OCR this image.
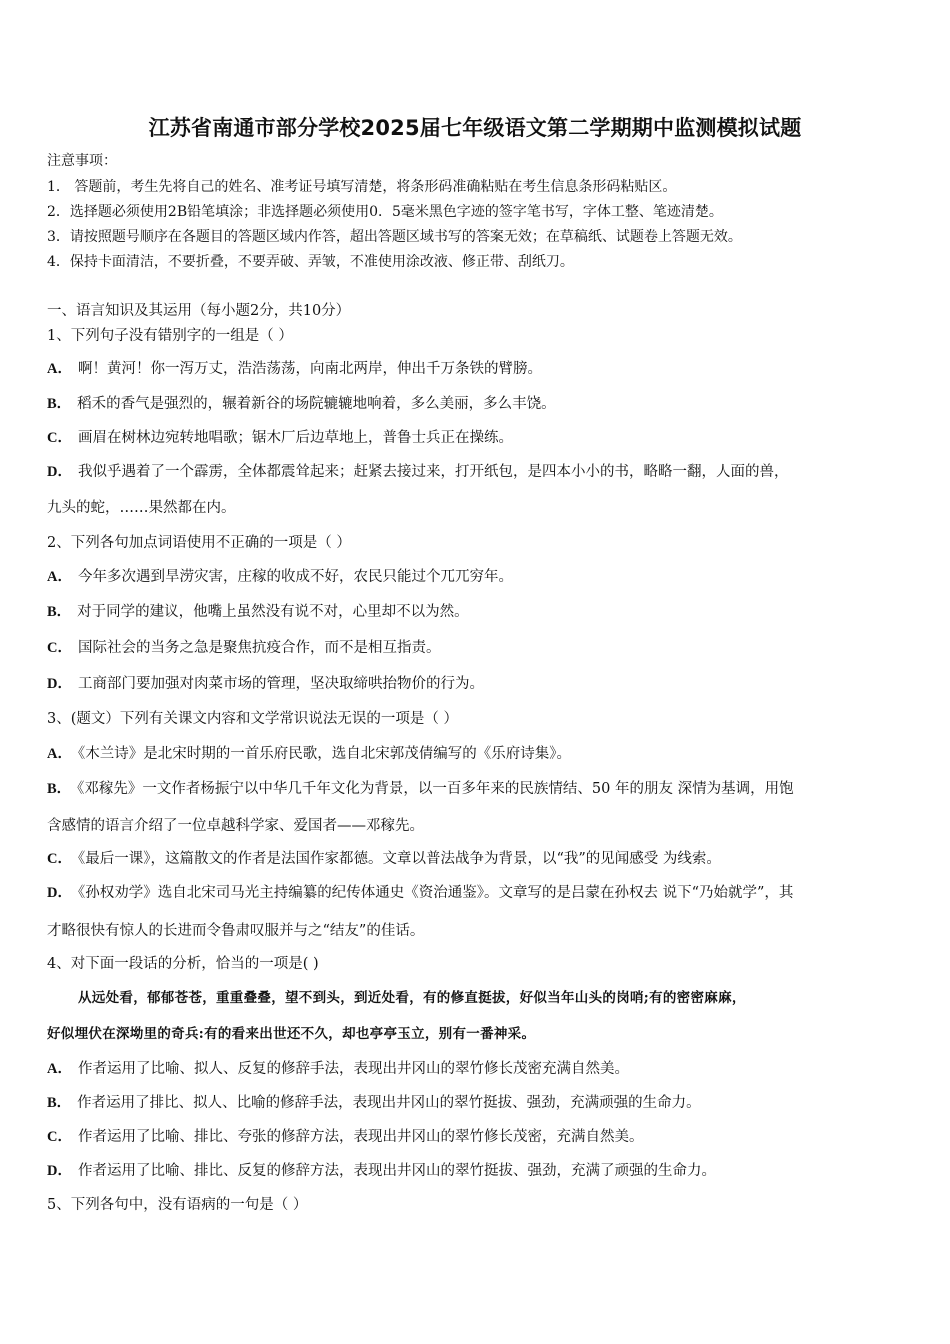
江苏省南通市部分学校2025届七年级语文第二学期期中监测模拟试题
注意事项：
1． 答题前，考生先将自己的姓名、准考证号填写清楚，将条形码准确粘贴在考生信息条形码粘贴区。
2．选择题必须使用2B铅笔填涂；非选择题必须使用0．5毫米黑色字迹的签字笔书写，字体工整、笔迹清楚。
3．请按照题号顺序在各题目的答题区域内作答，超出答题区域书写的答案无效；在草稿纸、试题卷上答题无效。
4．保持卡面清洁，不要折叠，不要弄破、弄皱，不准使用涂改液、修正带、刮纸刀。
一、语言知识及其运用（每小题2分，共10分）
1、下列句子没有错别字的一组是（ ）
A． 啊！黄河！你一泻万丈，浩浩荡荡，向南北两岸，伸出千万条铁的臂膀。
B． 稻禾的香气是强烈的，辗着新谷的场院辘辘地响着，多么美丽，多么丰饶。
C． 画眉在树林边宛转地唱歌；锯木厂后边草地上，普鲁士兵正在操练。
D． 我似乎遇着了一个霹雳，全体都震耸起来；赶紧去接过来，打开纸包，是四本小小的书，略略一翻，人面的兽，
九头的蛇，……果然都在内。
2、下列各句加点词语使用不正确的一项是（ ）
A． 今年多次遇到旱涝灾害，庄稼的收成不好，农民只能过个兀兀穷年。
B． 对于同学的建议，他嘴上虽然没有说不对，心里却不以为然。
C． 国际社会的当务之急是聚焦抗疫合作，而不是相互指责。
D． 工商部门要加强对肉菜市场的管理，坚决取缔哄抬物价的行为。
3、(题文）下列有关课文内容和文学常识说法无误的一项是（ ）
A． 《木兰诗》是北宋时期的一首乐府民歌，选自北宋郭茂倩编写的《乐府诗集》。
B． 《邓稼先》一文作者杨振宁以中华几千年文化为背景，以一百多年来的民族情结、50 年的朋友 深情为基调，用饱
含感情的语言介绍了一位卓越科学家、爱国者——邓稼先。
C． 《最后一课》，这篇散文的作者是法国作家都德。文章以普法战争为背景，以“我”的见闻感受 为线索。
D． 《孙权劝学》选自北宋司马光主持编纂的纪传体通史《资治通鉴》。文章写的是吕蒙在孙权去 说下“乃始就学”，其
才略很快有惊人的长进而令鲁肃叹服并与之“结友”的佳话。
4、对下面一段话的分析，恰当的一项是( )
从远处看，郁郁苍苍，重重叠叠，望不到头，到近处看，有的修直挺拔，好似当年山头的岗哨;有的密密麻麻，
好似埋伏在深坳里的奇兵:有的看来出世还不久，却也亭亭玉立，别有一番神采。
A． 作者运用了比喻、拟人、反复的修辞手法，表现出井冈山的翠竹修长茂密充满自然美。
B． 作者运用了排比、拟人、比喻的修辞手法，表现出井冈山的翠竹挺拔、强劲，充满顽强的生命力。
C． 作者运用了比喻、排比、夸张的修辞方法，表现出井冈山的翠竹修长茂密，充满自然美。
D． 作者运用了比喻、排比、反复的修辞方法，表现出井冈山的翠竹挺拔、强劲，充满了顽强的生命力。
5、下列各句中，没有语病的一句是（ ）
